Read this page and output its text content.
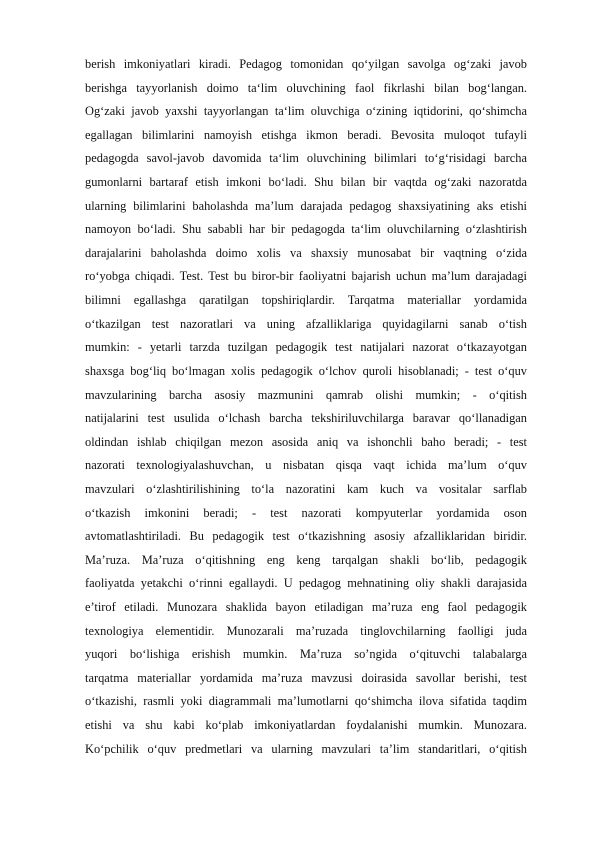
berish imkoniyatlari kiradi. Pedagog tomonidan qo‘yilgan savolga og‘zaki javob
berishga tayyorlanish doimo ta‘lim oluvchining faol fikrlashi bilan bog‘langan.
Og‘zaki javob yaxshi tayyorlangan ta‘lim oluvchiga o‘zining iqtidorini, qo‘shimcha
egallagan bilimlarini namoyish etishga ikmon beradi. Bevosita muloqot tufayli
pedagogda savol-javob davomida ta‘lim oluvchining bilimlari to‘g‘risidagi barcha
gumonlarni bartaraf etish imkoni bo‘ladi. Shu bilan bir vaqtda og‘zaki nazoratda
ularning bilimlarini baholashda ma’lum darajada pedagog shaxsiyatining aks etishi
namoyon bo‘ladi. Shu sababli har bir pedagogda ta‘lim oluvchilarning o‘zlashtirish
darajalarini baholashda doimo xolis va shaxsiy munosabat bir vaqtning o‘zida
ro‘yobga chiqadi. Test. Test bu biror-bir faoliyatni bajarish uchun ma’lum darajadagi
bilimni egallashga qaratilgan topshiriqlardir. Tarqatma materiallar yordamida
o‘tkazilgan test nazoratlari va uning afzalliklariga quyidagilarni sanab o‘tish
mumkin: - yetarli tarzda tuzilgan pedagogik test natijalari nazorat o‘tkazayotgan
shaxsga bog‘liq bo‘lmagan xolis pedagogik o‘lchov quroli hisoblanadi; - test o‘quv
mavzularining barcha asosiy mazmunini qamrab olishi mumkin; - o‘qitish
natijalarini test usulida o‘lchash barcha tekshiriluvchilarga baravar qo‘llanadigan
oldindan ishlab chiqilgan mezon asosida aniq va ishonchli baho beradi; - test
nazorati texnologiyalashuvchan, u nisbatan qisqa vaqt ichida ma’lum o‘quv
mavzulari o‘zlashtirilishining to‘la nazoratini kam kuch va vositalar sarflab
o‘tkazish imkonini beradi; - test nazorati kompyuterlar yordamida oson
avtomatlashtiriladi. Bu pedagogik test o‘tkazishning asosiy afzalliklaridan biridir.
Ma’ruza. Ma’ruza o‘qitishning eng keng tarqalgan shakli bo‘lib, pedagogik
faoliyatda yetakchi o‘rinni egallaydi. U pedagog mehnatining oliy shakli darajasida
e’tirof etiladi. Munozara shaklida bayon etiladigan ma’ruza eng faol pedagogik
texnologiya elementidir. Munozarali ma’ruzada tinglovchilarning faolligi juda
yuqori bo‘lishiga erishish mumkin. Ma’ruza so’ngida o‘qituvchi talabalarga
tarqatma materiallar yordamida ma’ruza mavzusi doirasida savollar berishi, test
o‘tkazishi, rasmli yoki diagrammali ma’lumotlarni qo‘shimcha ilova sifatida taqdim
etishi va shu kabi ko‘plab imkoniyatlardan foydalanishi mumkin. Munozara.
Ko‘pchilik o‘quv predmetlari va ularning mavzulari ta’lim standaritlari, o‘qitish
